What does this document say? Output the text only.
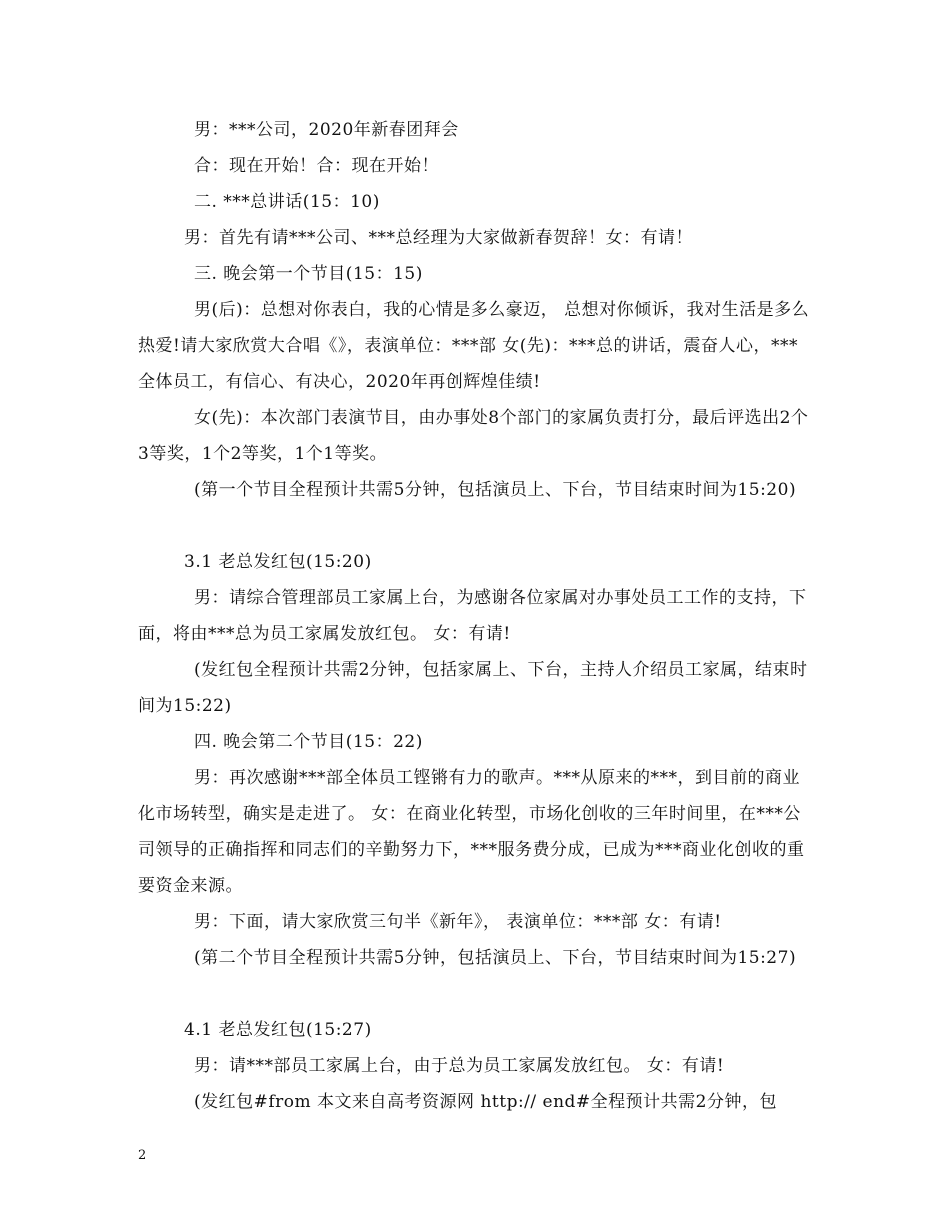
男：***公司，2020年新春团拜会

合：现在开始！合：现在开始！

二. ***总讲话(15：10)

男：首先有请***公司、***总经理为大家做新春贺辞！女：有请！

三. 晚会第一个节目(15：15)

男(后)：总想对你表白，我的心情是多么豪迈， 总想对你倾诉，我对生活是多么热爱!请大家欣赏大合唱《》，表演单位：***部 女(先)：***总的讲话，震奋人心，***全体员工，有信心、有决心，2020年再创辉煌佳绩!

女(先)：本次部门表演节目，由办事处8个部门的家属负责打分，最后评选出2个3等奖，1个2等奖，1个1等奖。

(第一个节目全程预计共需5分钟，包括演员上、下台，节目结束时间为15:20)

3.1 老总发红包(15:20)

男：请综合管理部员工家属上台，为感谢各位家属对办事处员工工作的支持，下面，将由***总为员工家属发放红包。 女：有请!

(发红包全程预计共需2分钟，包括家属上、下台，主持人介绍员工家属，结束时间为15:22)

四. 晚会第二个节目(15：22)

男：再次感谢***部全体员工铿锵有力的歌声。***从原来的***，到目前的商业化市场转型，确实是走进了。 女：在商业化转型，市场化创收的三年时间里，在***公司领导的正确指挥和同志们的辛勤努力下，***服务费分成，已成为***商业化创收的重要资金来源。

男：下面，请大家欣赏三句半《新年》， 表演单位：***部 女：有请!

(第二个节目全程预计共需5分钟，包括演员上、下台，节目结束时间为15:27)

4.1 老总发红包(15:27)

男：请***部员工家属上台，由于总为员工家属发放红包。 女：有请!

(发红包#from 本文来自高考资源网 http:// end#全程预计共需2分钟，包

2
